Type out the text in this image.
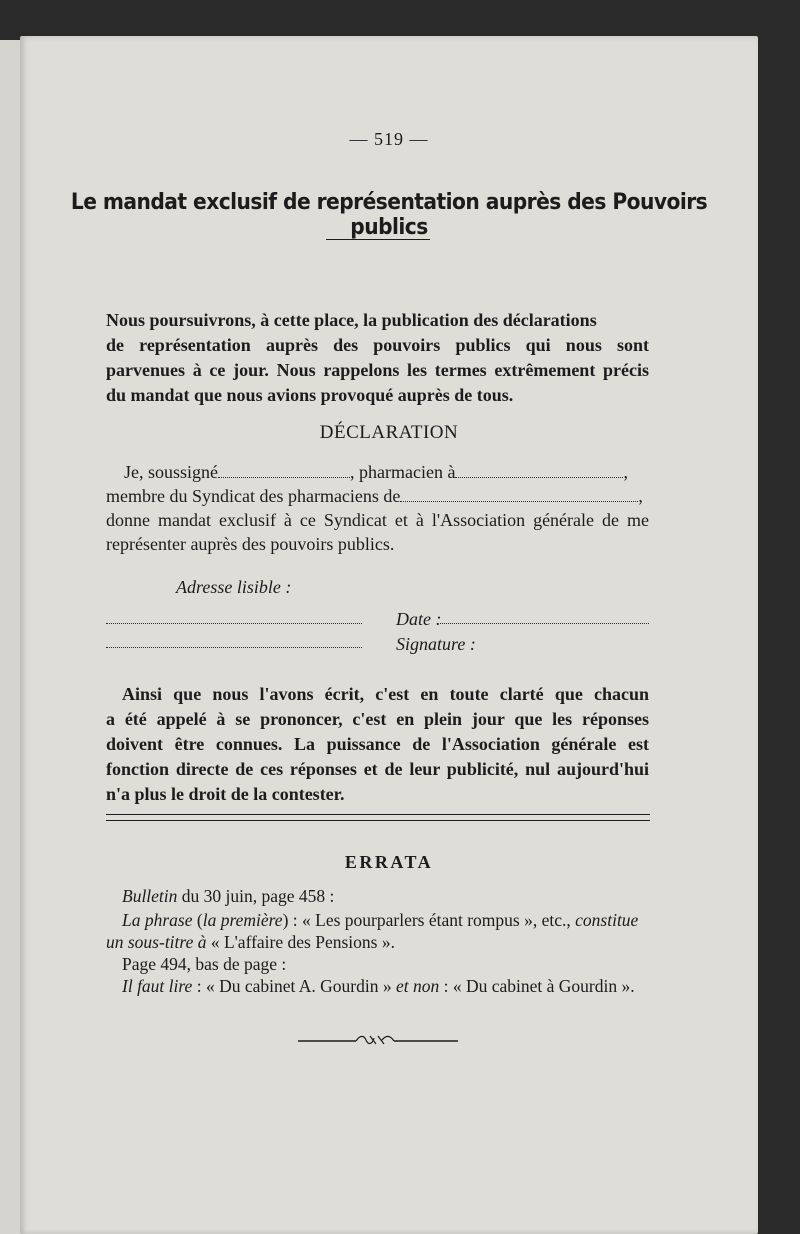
— 519 —
Le mandat exclusif de représentation auprès des Pouvoirs publics
Nous poursuivrons, à cette place, la publication des déclarations
de représentation auprès des pouvoirs publics qui nous sont
parvenues à ce jour. Nous rappelons les termes extrêmement précis
du mandat que nous avions provoqué auprès de tous.
DÉCLARATION
Je, soussigné	, pharmacien à	,
membre du Syndicat des pharmaciens de	,
donne mandat exclusif à ce Syndicat et à l'Association générale de me
représenter auprès des pouvoirs publics.
Adresse lisible :
Date :
Signature :
Ainsi que nous l'avons écrit, c'est en toute clarté que chacun
a été appelé à se prononcer, c'est en plein jour que les réponses
doivent être connues. La puissance de l'Association générale est
fonction directe de ces réponses et de leur publicité, nul aujourd'hui
n'a plus le droit de la contester.
ERRATA
Bulletin du 30 juin, page 458 :
La phrase (la première) : « Les pourparlers étant rompus », etc., constitue
un sous-titre à « L'affaire des Pensions ».
Page 494, bas de page :
Il faut lire : « Du cabinet A. Gourdin » et non : « Du cabinet à Gourdin ».
